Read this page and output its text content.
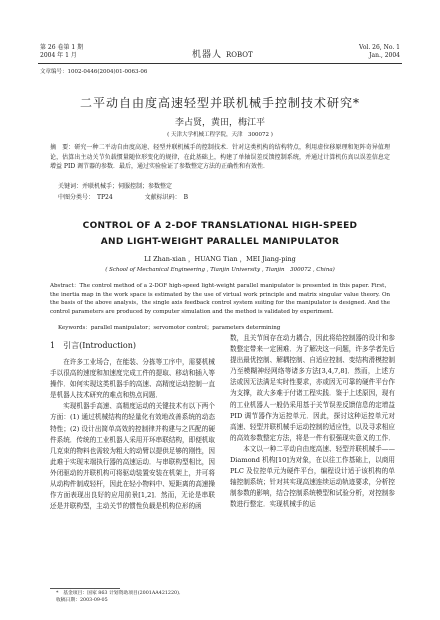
第 26 卷第 1 期
2004 年 1 月	机器人 ROBOT
Vol. 26, No. 1
Jan., 2004
文章编号：1002-0446(2004)01-0063-06
二平动自由度高速轻型并联机械手控制技术研究*
李占贤，黄田，梅江平
( 天津大学机械工程学院，天津　300072 )
摘　要：研究一种二平动自由度高速、轻型并联机械手的控制技术．针对这类机构的结构特点，利用虚位移原理和矩阵奇异值理论，估算出主动关节负载惯量随位形变化的规律，在此基础上，构建了单轴误差反馈控制系统，并通过计算机仿真以误差信息定增益 PID 调节器的参数．最后，通过实验验证了参数整定方法的正确性和有效性．
关键词：并联机械手；伺服控制；参数整定
中图分类号：　TP24	文献标识码：　B
CONTROL OF A 2-DOF TRANSLATIONAL HIGH-SPEED
AND LIGHT-WEIGHT PARALLEL MANIPULATOR
LI Zhan-xian ，HUANG Tian ，MEI Jiang-ping
( School of Mechanical Engineering , Tianjin University , Tianjin　300072 , China)
Abstract：The control method of a 2-DOF high-speed light-weight parallel manipulator is presented in this paper. First，the inertia map in the work space is estimated by the use of virtual work principle and matrix singular value theory. On the basis of the above analysis，the single axis feedback control system suiting for the manipulator is designed. And the control parameters are produced by computer simulation and the method is validated by experiment.
Keywords：parallel manipulator；servomotor control；parameters determining
1　引言(Introduction)

在许多工业场合，在能装、分拣等工序中，需要机械手以很高的速度和加速度完成工件的提取、移动和插入等操作．如何实现这类机器手的高速、高精度运动控制一直是机器人技术研究的难点和热点问题．

实现机器手高速、高精度运动的关键技术有以下两个方面：(1) 通过机械结构的轻量化有效地改善系统的动态特性；(2) 设计出简单高效的控制律并构建与之匹配的硬件系统．传统的工业机器人采用开环串联结构，即便机取几克束的物料也需较为粗大的动臂以提供足够的刚性，因此难于实现末端执行器的高速运动．与串联构型相比，因外闭驱动的并联机构可将驱动装置安装在机架上，并可将从动构件制成轻杆，因此在轻小物料中、短距离的高速操作方面表现出良好的应用前景[1,2]．然而，无论是串联还是并联构型，主动关节的惯性负载是机构位形的函

数，且关节间存在动力耦合，因此将给控制器的设计和参数整定带来一定困难．为了解决这一问题，许多学者先后提出最优控制、解耦控制、自适应控制、变结构滑模控制乃至模糊神经网络等诸多方法[3,4,7,8]．然而，上述方法或因无法满足实时性要求，亦或因无可靠的硬件平台作为支撑，故大多难于付诸工程实践．鉴于上述原因，现有的工业机器人一般仍采用基于关节误差反馈信息的定增益 PID 调节器作为运控单元．因此，探讨这种运控单元对高速、轻型并联机械手运动控制的适应性，以及寻求相应的高效参数整定方法，将是一件有很强现实意义的工作．

本文以一种二平动自由度高速、轻型并联机械手——Diamond 机构[10]为对象，在以往工作基础上，以商用 PLC 及位控单元为硬件平台，编程设计适于该机构的单轴控制系统；针对其实现高速连续运动轨迹要求，分析控制参数的影响，结合控制系统模型和试验分析，对控制参数进行整定．实现机械手的运

*　基金项目：国家 863 计划资助项目(2001AA421220)．
收稿日期：2003-09-05
